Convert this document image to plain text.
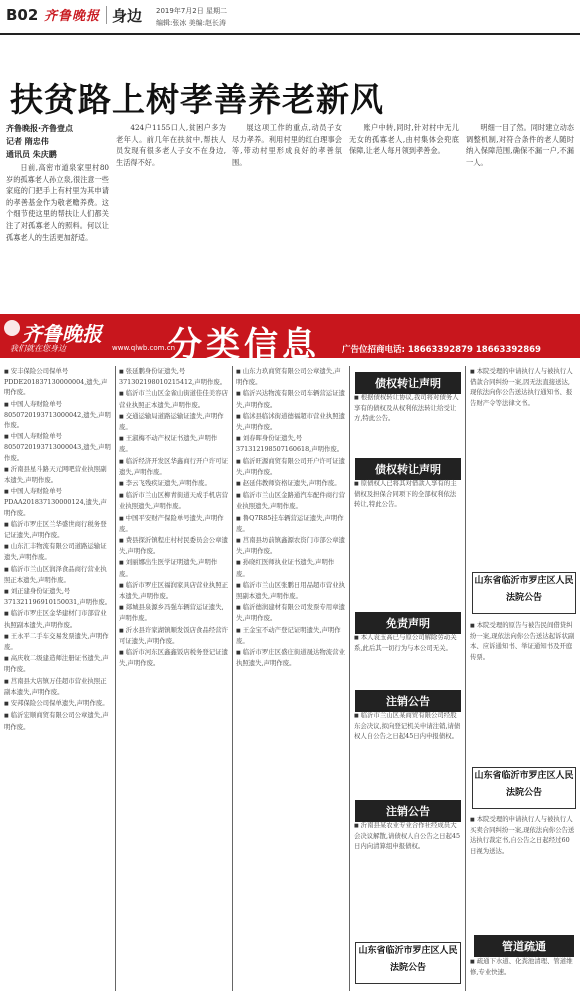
B02 齐鲁晚报 身边 2019年7月2日 星期二
编辑:张冰 美编:赵长涛
扶贫路上树孝善养老新风
齐鲁晚报·齐鲁壹点
记者 隋忠伟
通讯员 朱庆鹏

日前,高密市道泉家里村80岁的孤寡老人孙立泉,很注意一些家庭的门把手上有村里为其申请的孝善基金作为敬老赡养费。这个细节使这里的帮扶让人们都关注了对孤寡老人的照料。何以让孤寡老人的生活更加舒适。

424户1155口人,贫困户多为老年人。前几年在扶贫中,帮扶人员发现有很多老人子女不在身边,生活得不好。

展这项工作的重点,动员子女尽力孝养。利用村里的红白理事会等,带动村里形成良好的孝善氛围。

账户中转,同时,针对村中无儿无女的孤寡老人,由村集体会兜底保障,让老人每月领到孝善金。

明细一目了然。同时建立动态调整机制,对符合条件的老人随时纳入保障范围,确保不漏一户,不漏一人。

齐鲁晚报
我们就在您身边	www.qlwb.com.cn
分类信息	广告位招商电话: 18663392879 18663392869
■ 安丰保险公司保单号PDDE201837130000004,遗失,声明作废。
■ 中国人寿财险单号8050720193713000042,遗失,声明作废。
■ 中国人寿财险单号8050720193713000043,遗失,声明作废。
■ 沂南县星斗路天元网吧营业执照副本遗失,声明作废。
■ 中国人寿财险单号PDAA201837130000124,遗失,声明作废。
■ 临沂市罗庄区兰华盛世商行税务登记证遗失,声明作废。
■ 山东汇丰物流有限公司道路运输证遗失,声明作废。
■ 临沂市兰山区润泽食品商行营业执照正本遗失,声明作废。
■ 刘正建身份证遗失,号371321196910150031,声明作废。
■ 临沂市罗庄区金华建材门市部营业执照副本遗失,声明作废。
■ 王永平二手车交易发票遗失,声明作废。
■ 高庆收二级建造师注册证书遗失,声明作废。
■ 莒南县大店镇万佳超市营业执照正副本遗失,声明作废。
■ 安邦保险公司保单遗失,声明作废。
■ 临沂宏顺商贸有限公司公章遗失,声明作废。
■ 张延鹏身份证遗失,号371302198010215412,声明作废。
■ 临沂市兰山区金雀山街道佳佳美容店营业执照正本遗失,声明作废。
■ 交通运输局道路运输证遗失,声明作废。
■ 王淑梅不动产权证书遗失,声明作废。
■ 临沂经济开发区华鑫商行开户许可证遗失,声明作废。
■ 李云飞残疾证遗失,声明作废。
■ 临沂市兰山区柳青街道天成手机店营业执照遗失,声明作废。
■ 中国平安财产保险单号遗失,声明作废。
■ 费县探沂镇程庄村村民委员会公章遗失,声明作废。
■ 刘丽娜出生医学证明遗失,声明作废。
■ 临沂市罗庄区福润家具店营业执照正本遗失,声明作废。
■ 郯城县泉源乡冯强车辆营运证遗失,声明作废。
■ 沂水县许家湖镇顺发饭店食品经营许可证遗失,声明作废。
■ 临沂市河东区鑫鑫饭店税务登记证遗失,声明作废。
■ 山东力玖商贸有限公司公章遗失,声明作废。
■ 临沂兴达物流有限公司车辆营运证遗失,声明作废。
■ 临沭县临沭街道德福超市营业执照遗失,声明作废。
■ 刘春晖身份证遗失,号371312198507160618,声明作废。
■ 临沂旺源商贸有限公司开户许可证遗失,声明作废。
■ 赵延伟教师资格证遗失,声明作废。
■ 临沂市兰山区金路通汽车配件商行营业执照遗失,声明作废。
■ 鲁Q7R85挂车辆营运证遗失,声明作废。
■ 莒南县坊前镇鑫源农资门市部公章遗失,声明作废。
■ 孙晓红医师执业证书遗失,声明作废。
■ 临沂市兰山区张鹏日用品超市营业执照副本遗失,声明作废。
■ 临沂德润建材有限公司发票专用章遗失,声明作废。
■ 王金宝不动产登记证明遗失,声明作废。
■ 临沂市罗庄区盛庄街道晟达物流营业执照遗失,声明作废。
债权转让声明
■ 根据债权转让协议,我司将对债务人享有的债权及从权利依法转让给受让方,特此公告。
债权转让声明
■ 原债权人已将其对借款人享有的主债权及担保合同项下的全部权利依法转让,特此公告。
免责声明
■ 本人袁玉高已与原公司解除劳动关系,此后其一切行为与本公司无关。
注销公告
■ 临沂市兰山区某商贸有限公司经股东会决议,拟向登记机关申请注销,请债权人自公告之日起45日内申报债权。
注销公告
■ 沂南县某农业专业合作社经成员大会决议解散,请债权人自公告之日起45日内向清算组申报债权。
山东省临沂市罗庄区人民法院公告
■ 本院受理的申请执行人与被执行人借款合同纠纷一案,因无法直接送达,现依法向你公告送达执行通知书、报告财产令等法律文书。
山东省临沂市罗庄区人民法院公告
■ 本院受理的原告与被告民间借贷纠纷一案,现依法向你公告送达起诉状副本、应诉通知书、举证通知书及开庭传票。
山东省临沂市罗庄区人民法院公告
■ 本院受理的申请执行人与被执行人买卖合同纠纷一案,现依法向你公告送达执行裁定书,自公告之日起经过60日视为送达。
管道疏通
■ 疏通下水道、化粪池清理、管道维修,专业快速。
